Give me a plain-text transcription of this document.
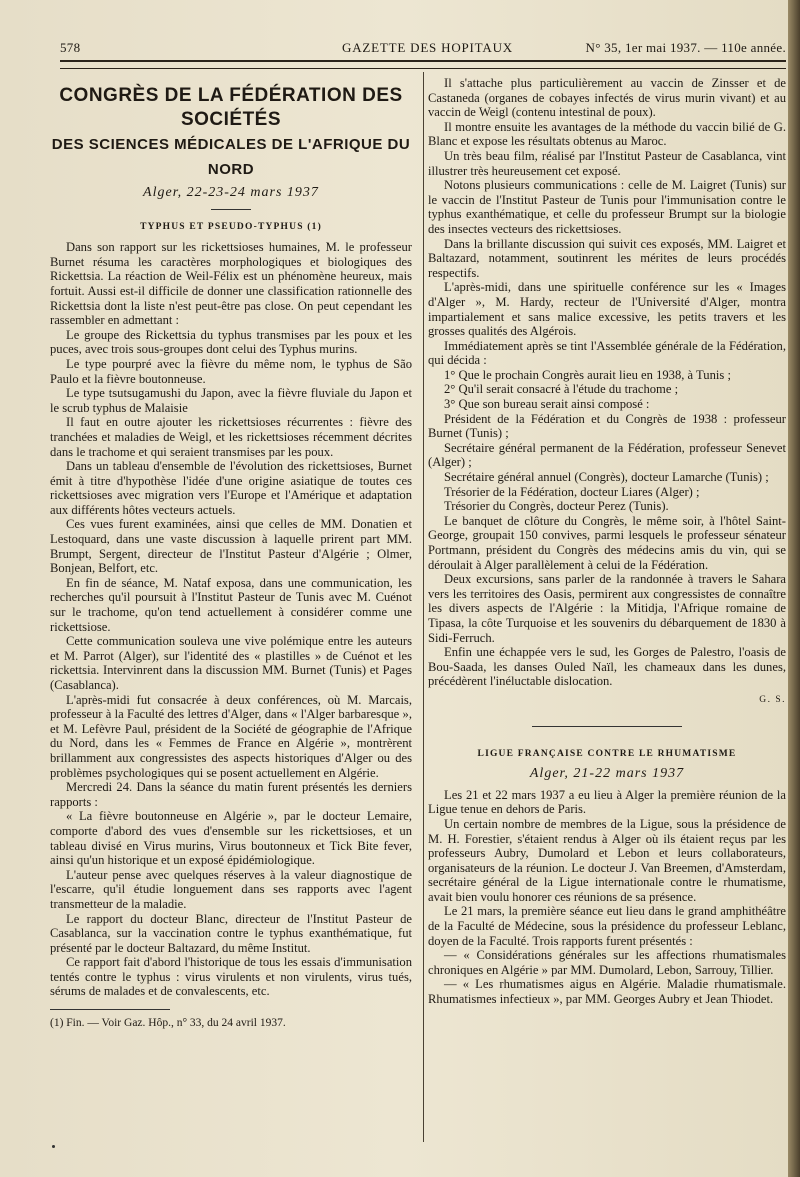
578	GAZETTE DES HOPITAUX	N° 35, 1er mai 1937. — 110e année.
CONGRÈS DE LA FÉDÉRATION DES SOCIÉTÉS
DES SCIENCES MÉDICALES DE L'AFRIQUE DU NORD
Alger, 22-23-24 mars 1937
TYPHUS ET PSEUDO-TYPHUS (1)

Dans son rapport sur les rickettsioses humaines, M. le professeur Burnet résuma les caractères morphologiques et biologiques des Rickettsia. La réaction de Weil-Félix est un phénomène heureux, mais fortuit. Aussi est-il difficile de donner une classification rationnelle des Rickettsia dont la liste n'est peut-être pas close. On peut cependant les rassembler en admettant :

Le groupe des Rickettsia du typhus transmises par les poux et les puces, avec trois sous-groupes dont celui des Typhus murins.

Le type pourpré avec la fièvre du même nom, le typhus de São Paulo et la fièvre boutonneuse.

Le type tsutsugamushi du Japon, avec la fièvre fluviale du Japon et le scrub typhus de Malaisie

Il faut en outre ajouter les rickettsioses récurrentes : fièvre des tranchées et maladies de Weigl, et les rickettsioses récemment décrites dans le trachome et qui seraient transmises par les poux.

Dans un tableau d'ensemble de l'évolution des rickettsioses, Burnet émit à titre d'hypothèse l'idée d'une origine asiatique de toutes ces rickettsioses avec migration vers l'Europe et l'Amérique et adaptation aux différents hôtes vecteurs actuels.

Ces vues furent examinées, ainsi que celles de MM. Donatien et Lestoquard, dans une vaste discussion à laquelle prirent part MM. Brumpt, Sergent, directeur de l'Institut Pasteur d'Algérie ; Olmer, Bonjean, Belfort, etc.

En fin de séance, M. Nataf exposa, dans une communication, les recherches qu'il poursuit à l'Institut Pasteur de Tunis avec M. Cuénot sur le trachome, qu'on tend actuellement à considérer comme une rickettsiose.

Cette communication souleva une vive polémique entre les auteurs et M. Parrot (Alger), sur l'identité des « plastilles » de Cuénot et les rickettsia. Intervinrent dans la discussion MM. Burnet (Tunis) et Pages (Casablanca).

L'après-midi fut consacrée à deux conférences, où M. Marcais, professeur à la Faculté des lettres d'Alger, dans « l'Alger barbaresque », et M. Lefèvre Paul, président de la Société de géographie de l'Afrique du Nord, dans les « Femmes de France en Algérie », montrèrent brillamment aux congressistes des aspects historiques d'Alger ou des problèmes psychologiques qui se posent actuellement en Algérie.

Mercredi 24. Dans la séance du matin furent présentés les derniers rapports :

« La fièvre boutonneuse en Algérie », par le docteur Lemaire, comporte d'abord des vues d'ensemble sur les rickettsioses, et un tableau divisé en Virus murins, Virus boutonneux et Tick Bite fever, ainsi qu'un historique et un exposé épidémiologique.

L'auteur pense avec quelques réserves à la valeur diagnostique de l'escarre, qu'il étudie longuement dans ses rapports avec l'agent transmetteur de la maladie.

Le rapport du docteur Blanc, directeur de l'Institut Pasteur de Casablanca, sur la vaccination contre le typhus exanthématique, fut présenté par le docteur Baltazard, du même Institut.

Ce rapport fait d'abord l'historique de tous les essais d'immunisation tentés contre le typhus : virus virulents et non virulents, virus tués, sérums de malades et de convalescents, etc.

(1) Fin. — Voir Gaz. Hôp., n° 33, du 24 avril 1937.

Il s'attache plus particulièrement au vaccin de Zinsser et de Castaneda (organes de cobayes infectés de virus murin vivant) et au vaccin de Weigl (contenu intestinal de poux).

Il montre ensuite les avantages de la méthode du vaccin bilié de G. Blanc et expose les résultats obtenus au Maroc.

Un très beau film, réalisé par l'Institut Pasteur de Casablanca, vint illustrer très heureusement cet exposé.

Notons plusieurs communications : celle de M. Laigret (Tunis) sur le vaccin de l'Institut Pasteur de Tunis pour l'immunisation contre le typhus exanthématique, et celle du professeur Brumpt sur la biologie des insectes vecteurs des rickettsioses.

Dans la brillante discussion qui suivit ces exposés, MM. Laigret et Baltazard, notamment, soutinrent les mérites de leurs procédés respectifs.

L'après-midi, dans une spirituelle conférence sur les « Images d'Alger », M. Hardy, recteur de l'Université d'Alger, montra impartialement et sans malice excessive, les petits travers et les grosses qualités des Algérois.

Immédiatement après se tint l'Assemblée générale de la Fédération, qui décida :

1° Que le prochain Congrès aurait lieu en 1938, à Tunis ;

2° Qu'il serait consacré à l'étude du trachome ;

3° Que son bureau serait ainsi composé :

Président de la Fédération et du Congrès de 1938 : professeur Burnet (Tunis) ;

Secrétaire général permanent de la Fédération, professeur Senevet (Alger) ;

Secrétaire général annuel (Congrès), docteur Lamarche (Tunis) ;

Trésorier de la Fédération, docteur Liares (Alger) ;

Trésorier du Congrès, docteur Perez (Tunis).

Le banquet de clôture du Congrès, le même soir, à l'hôtel Saint-George, groupait 150 convives, parmi lesquels le professeur sénateur Portmann, président du Congrès des médecins amis du vin, qui se déroulait à Alger parallèlement à celui de la Fédération.

Deux excursions, sans parler de la randonnée à travers le Sahara vers les territoires des Oasis, permirent aux congressistes de connaître les divers aspects de l'Algérie : la Mitidja, l'Afrique romaine de Tipasa, la côte Turquoise et les souvenirs du débarquement de 1830 à Sidi-Ferruch.

Enfin une échappée vers le sud, les Gorges de Palestro, l'oasis de Bou-Saada, les danses Ouled Naïl, les chameaux dans les dunes, précédèrent l'inéluctable dislocation.

G. S.
LIGUE FRANÇAISE CONTRE LE RHUMATISME
Alger, 21-22 mars 1937

Les 21 et 22 mars 1937 a eu lieu à Alger la première réunion de la Ligue tenue en dehors de Paris.

Un certain nombre de membres de la Ligue, sous la présidence de M. H. Forestier, s'étaient rendus à Alger où ils étaient reçus par les professeurs Aubry, Dumolard et Lebon et leurs collaborateurs, organisateurs de la réunion. Le docteur J. Van Breemen, d'Amsterdam, secrétaire général de la Ligue internationale contre le rhumatisme, avait bien voulu honorer ces réunions de sa présence.

Le 21 mars, la première séance eut lieu dans le grand amphithéâtre de la Faculté de Médecine, sous la présidence du professeur Leblanc, doyen de la Faculté. Trois rapports furent présentés :

— « Considérations générales sur les affections rhumatismales chroniques en Algérie » par MM. Dumolard, Lebon, Sarrouy, Tillier.

— « Les rhumatismes aigus en Algérie. Maladie rhumatismale. Rhumatismes infectieux », par MM. Georges Aubry et Jean Thiodet.
